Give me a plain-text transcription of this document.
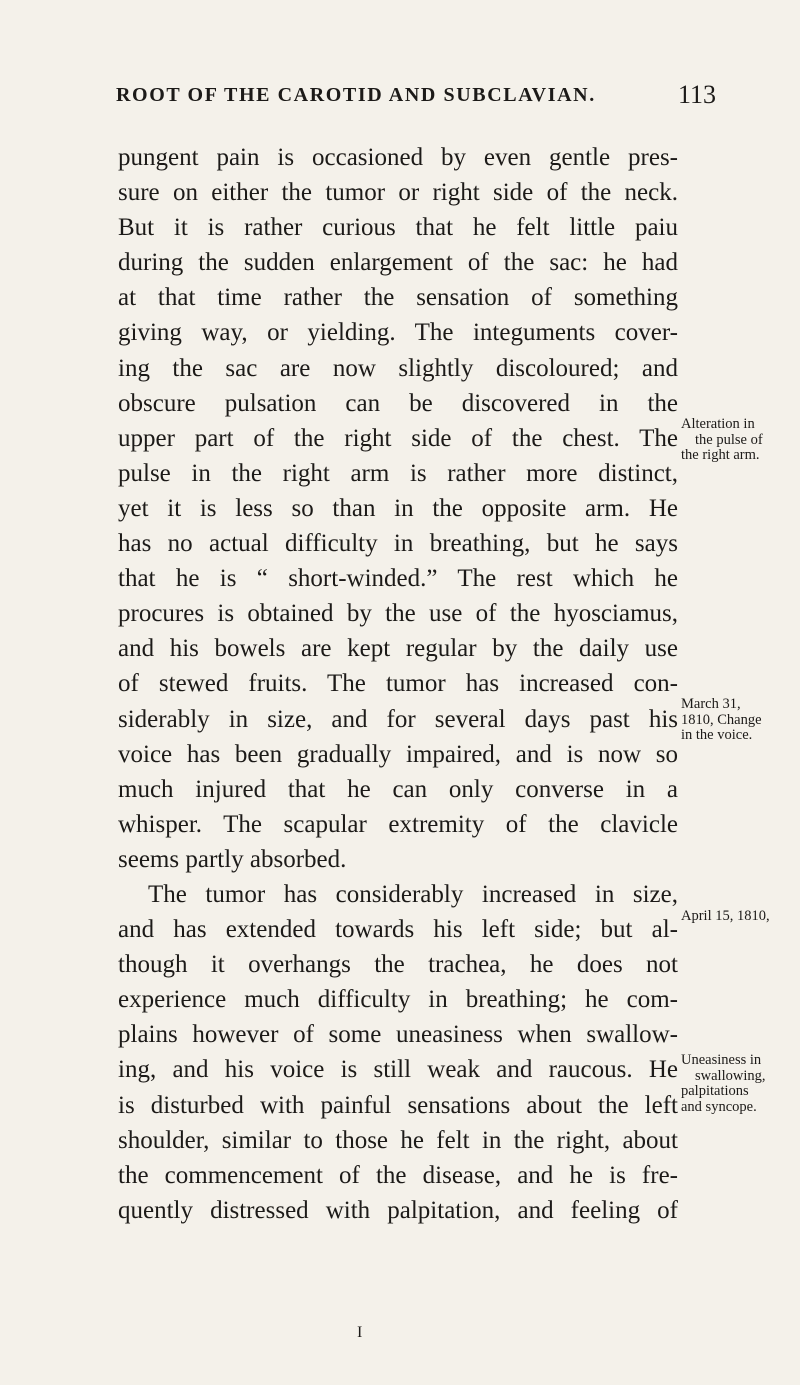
ROOT OF THE CAROTID AND SUBCLAVIAN.	113
pungent pain is occasioned by even gentle pres-
sure on either the tumor or right side of the neck.
But it is rather curious that he felt little paiu
during the sudden enlargement of the sac: he had
at that time rather the sensation of something
giving way, or yielding. The integuments cover-
ing the sac are now slightly discoloured; and
obscure pulsation can be discovered in the
upper part of the right side of the chest. The
pulse in the right arm is rather more distinct,
yet it is less so than in the opposite arm. He
has no actual difficulty in breathing, but he says
that he is “ short-winded.” The rest which he
procures is obtained by the use of the hyosciamus,
and his bowels are kept regular by the daily use
of stewed fruits. The tumor has increased con-
siderably in size, and for several days past his
voice has been gradually impaired, and is now so
much injured that he can only converse in a
whisper. The scapular extremity of the clavicle
seems partly absorbed.
The tumor has considerably increased in size,
and has extended towards his left side; but al-
though it overhangs the trachea, he does not
experience much difficulty in breathing; he com-
plains however of some uneasiness when swallow-
ing, and his voice is still weak and raucous. He
is disturbed with painful sensations about the left
shoulder, similar to those he felt in the right, about
the commencement of the disease, and he is fre-
quently distressed with palpitation, and feeling of
Alteration in
the pulse of
the right arm.
March 31,
1810, Change
in the voice.
April 15, 1810,
Uneasiness in
swallowing,
palpitations
and syncope.
I
